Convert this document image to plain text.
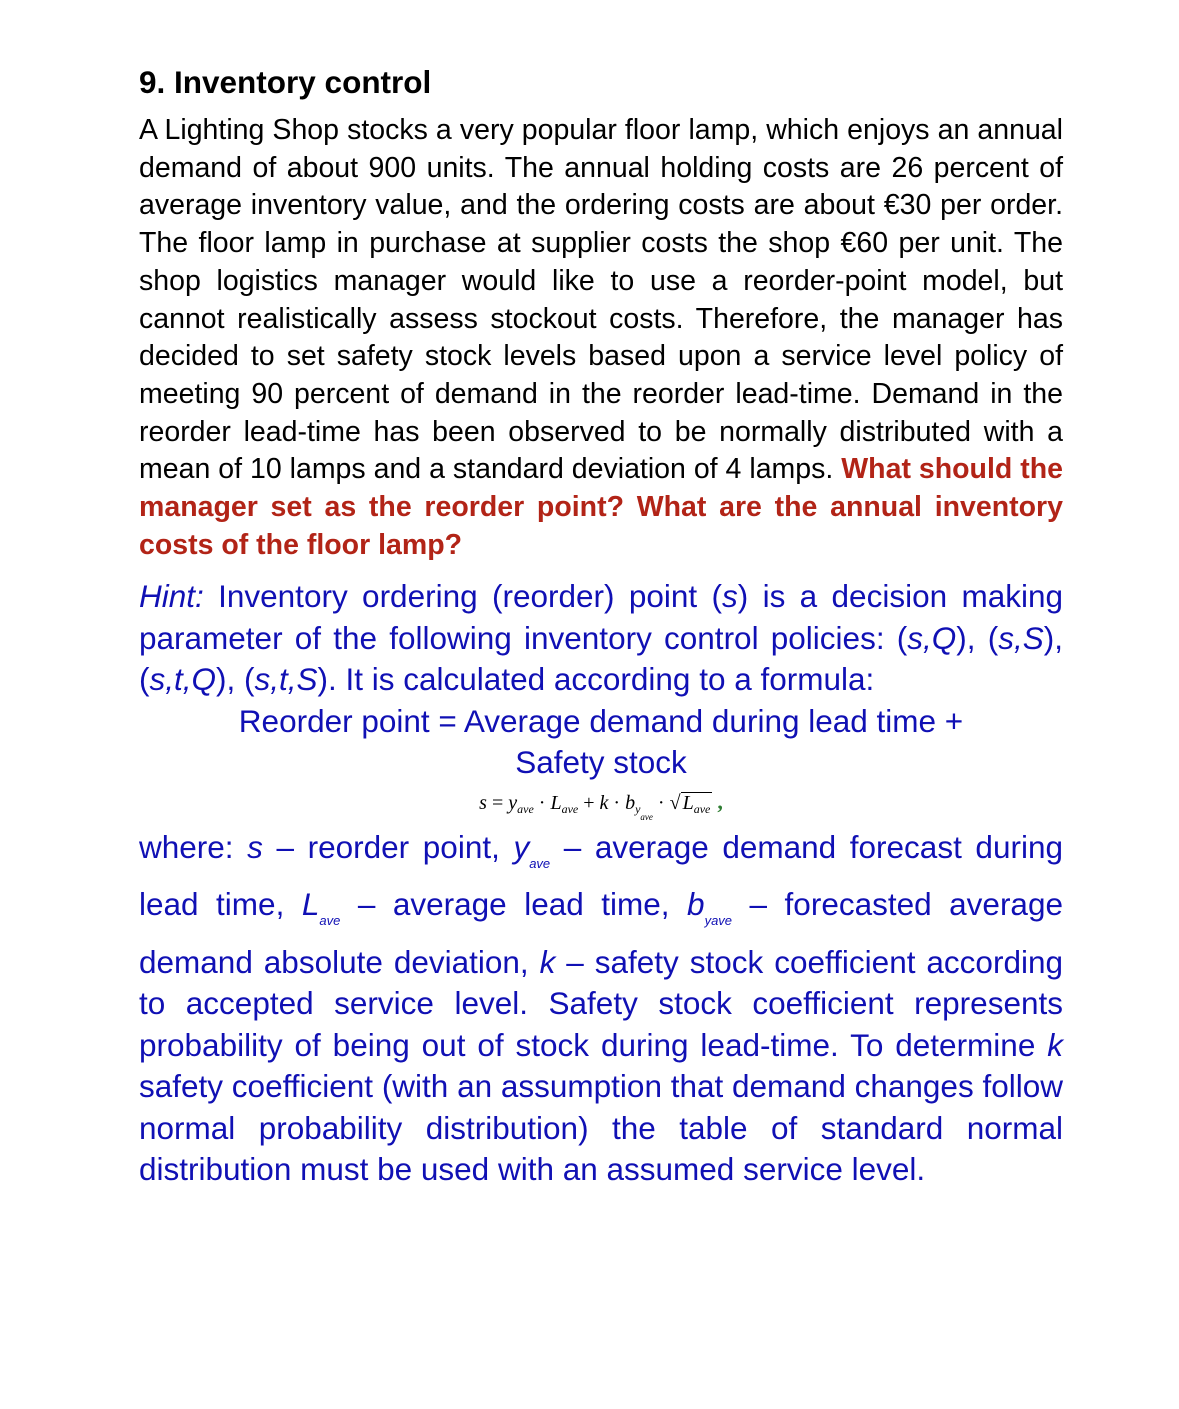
9. Inventory control

A Lighting Shop stocks a very popular floor lamp, which enjoys an annual demand of about 900 units. The annual holding costs are 26 percent of average inventory value, and the ordering costs are about €30 per order. The floor lamp in purchase at supplier costs the shop €60 per unit. The shop logistics manager would like to use a reorder-point model, but cannot realistically assess stockout costs. Therefore, the manager has decided to set safety stock levels based upon a service level policy of meeting 90 percent of demand in the reorder lead-time. Demand in the reorder lead-time has been observed to be normally distributed with a mean of 10 lamps and a standard deviation of 4 lamps. What should the manager set as the reorder point? What are the annual inventory costs of the floor lamp?

Hint: Inventory ordering (reorder) point (s) is a decision making parameter of the following inventory control policies: (s,Q), (s,S), (s,t,Q), (s,t,S). It is calculated according to a formula:

Reorder point = Average demand during lead time +
Safety stock
$s = y_{ave} \cdot L_{ave} + k \cdot b_{y_{ave}}$ · √ $L_{ave}$ ,

where: s – reorder point, $y_{ave}$ – average demand forecast during lead time, $L_{ave}$ – average lead time, $b_{yave}$ – forecasted average demand absolute deviation, k – safety stock coefficient according to accepted service level. Safety stock coefficient represents probability of being out of stock during lead-time. To determine k safety coefficient (with an assumption that demand changes follow normal probability distribution) the table of standard normal distribution must be used with an assumed service level.
